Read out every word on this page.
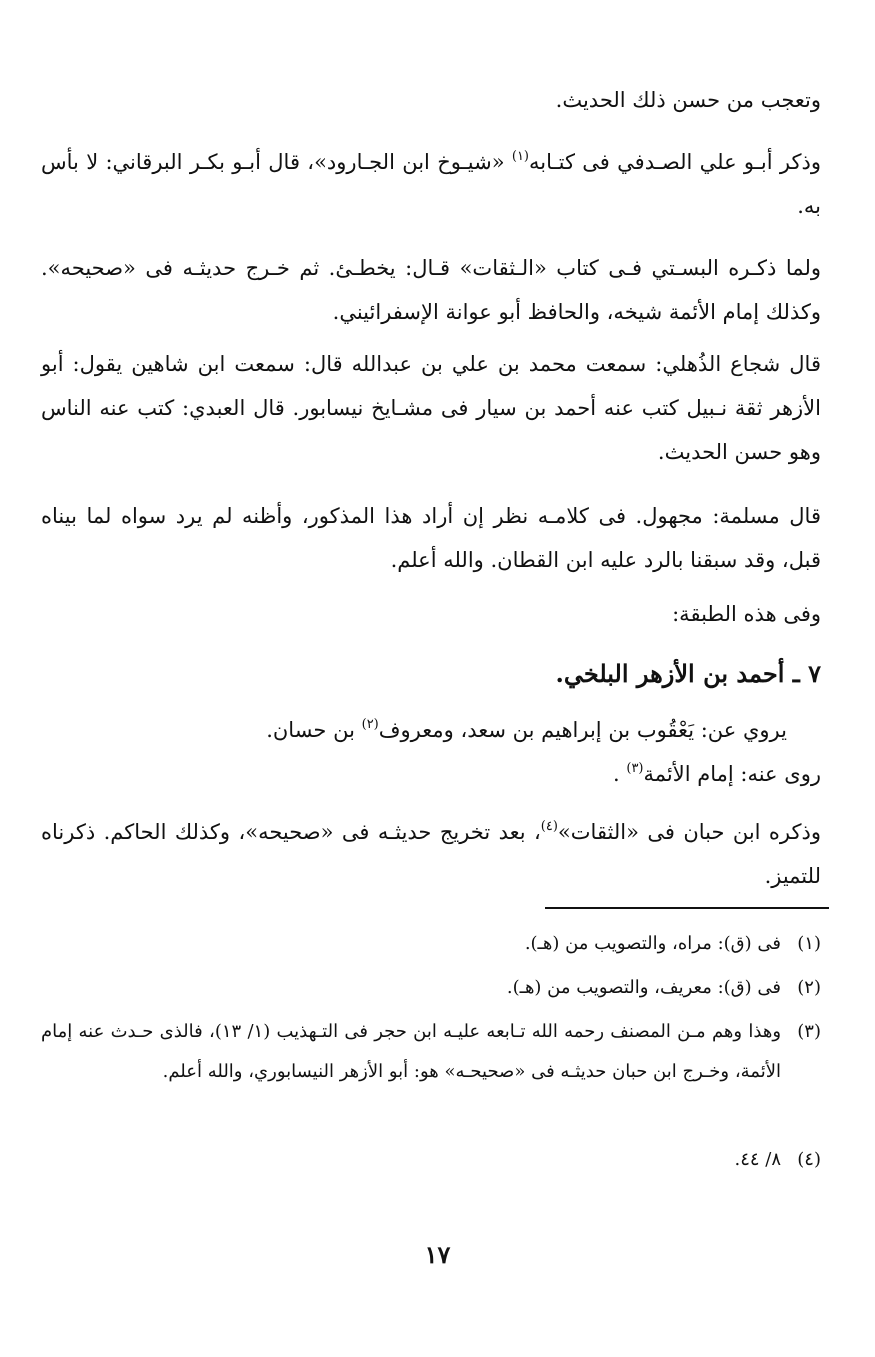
وتعجب من حسن ذلك الحديث.
وذكر أبـو علي الصـدفي فى كتـابه$^{(١)}$ «شيـوخ ابن الجـارود»، قال أبـو بكـر البرقاني: لا بأس به.
ولما ذكـره البسـتي فـى كتاب «الـثقات» قـال: يخطـئ. ثم خـرج حديثـه فى «صحيحه». وكذلك إمام الأئمة شيخه، والحافظ أبو عوانة الإسفرائيني.
قال شجاع الذُهلي: سمعت محمد بن علي بن عبدالله قال: سمعت ابن شاهين يقول: أبو الأزهر ثقة نـبيل كتب عنه أحمد بن سيار فى مشـايخ نيسابور. قال العبدي: كتب عنه الناس وهو حسن الحديث.
قال مسلمة: مجهول. فى كلامـه نظر إن أراد هذا المذكور، وأظنه لم يرد سواه لما بيناه قبل، وقد سبقنا بالرد عليه ابن القطان. والله أعلم.
وفى هذه الطبقة:
٧ ـ أحمد بن الأزهر البلخي.
يروي عن: يَعْقُوب بن إبراهيم بن سعد، ومعروف$^{(٢)}$ بن حسان.
روى عنه: إمام الأئمة$^{(٣)}$ .
وذكره ابن حبان فى «الثقات»$^{(٤)}$، بعد تخريج حديثـه فى «صحيحه»، وكذلك الحاكم. ذكرناه للتميز.
(١)
فى (ق): مراه، والتصويب من (هـ).
(٢)
فى (ق): معريف، والتصويب من (هـ).
(٣)
وهذا وهم مـن المصنف رحمه الله تـابعه عليـه ابن حجر فى التـهذيب (١/ ١٣)، فالذى حـدث عنه إمام الأئمة، وخـرج ابن حبان حديثـه فى «صحيحـه» هو: أبو الأزهر النيسابوري، والله أعلم.
(٤)
٨/ ٤٤.
١٧
